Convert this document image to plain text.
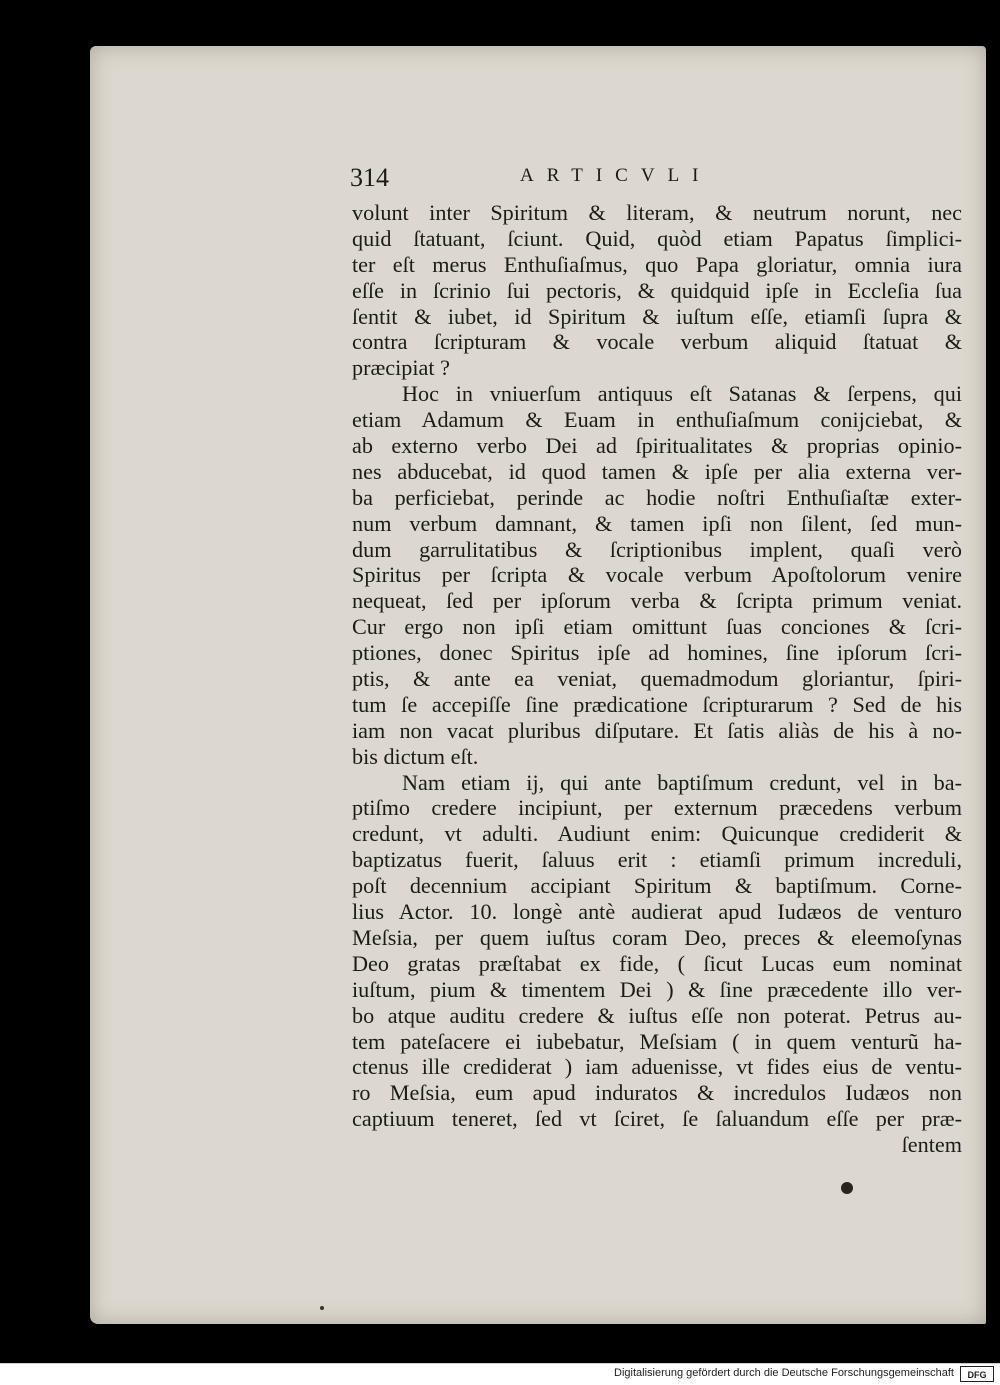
314	ARTICVLI
volunt inter Spiritum & literam, & neutrum norunt, nec
quid ſtatuant, ſciunt. Quid, quòd etiam Papatus ſimplici-
ter eſt merus Enthuſiaſmus, quo Papa gloriatur, omnia iura
eſſe in ſcrinio ſui pectoris, & quidquid ipſe in Eccleſia ſua
ſentit & iubet, id Spiritum & iuſtum eſſe, etiamſi ſupra &
contra ſcripturam & vocale verbum aliquid ſtatuat &
præcipiat ?
Hoc in vniuerſum antiquus eſt Satanas & ſerpens, qui
etiam Adamum & Euam in enthuſiaſmum conijciebat, &
ab externo verbo Dei ad ſpiritualitates & proprias opinio-
nes abducebat, id quod tamen & ipſe per alia externa ver-
ba perficiebat, perinde ac hodie noſtri Enthuſiaſtæ exter-
num verbum damnant, & tamen ipſi non ſilent, ſed mun-
dum garrulitatibus & ſcriptionibus implent, quaſi verò
Spiritus per ſcripta & vocale verbum Apoſtolorum venire
nequeat, ſed per ipſorum verba & ſcripta primum veniat.
Cur ergo non ipſi etiam omittunt ſuas conciones & ſcri-
ptiones, donec Spiritus ipſe ad homines, ſine ipſorum ſcri-
ptis, & ante ea veniat, quemadmodum gloriantur, ſpiri-
tum ſe accepiſſe ſine prædicatione ſcripturarum ? Sed de his
iam non vacat pluribus diſputare. Et ſatis aliàs de his à no-
bis dictum eſt.
Nam etiam ij, qui ante baptiſmum credunt, vel in ba-
ptiſmo credere incipiunt, per externum præcedens verbum
credunt, vt adulti. Audiunt enim: Quicunque crediderit &
baptizatus fuerit, ſaluus erit : etiamſi primum increduli,
poſt decennium accipiant Spiritum & baptiſmum. Corne-
lius Actor. 10. longè antè audierat apud Iudæos de venturo
Meſsia, per quem iuſtus coram Deo, preces & eleemoſynas
Deo gratas præſtabat ex fide, ( ſicut Lucas eum nominat
iuſtum, pium & timentem Dei ) & ſine præcedente illo ver-
bo atque auditu credere & iuſtus eſſe non poterat. Petrus au-
tem pateſacere ei iubebatur, Meſsiam ( in quem venturũ ha-
ctenus ille crediderat ) iam aduenisse, vt fides eius de ventu-
ro Meſsia, eum apud induratos & incredulos Iudæos non
captiuum teneret, ſed vt ſciret, ſe ſaluandum eſſe per præ-
ſentem
Digitalisierung gefördert durch die Deutsche Forschungsgemeinschaft	DFG
